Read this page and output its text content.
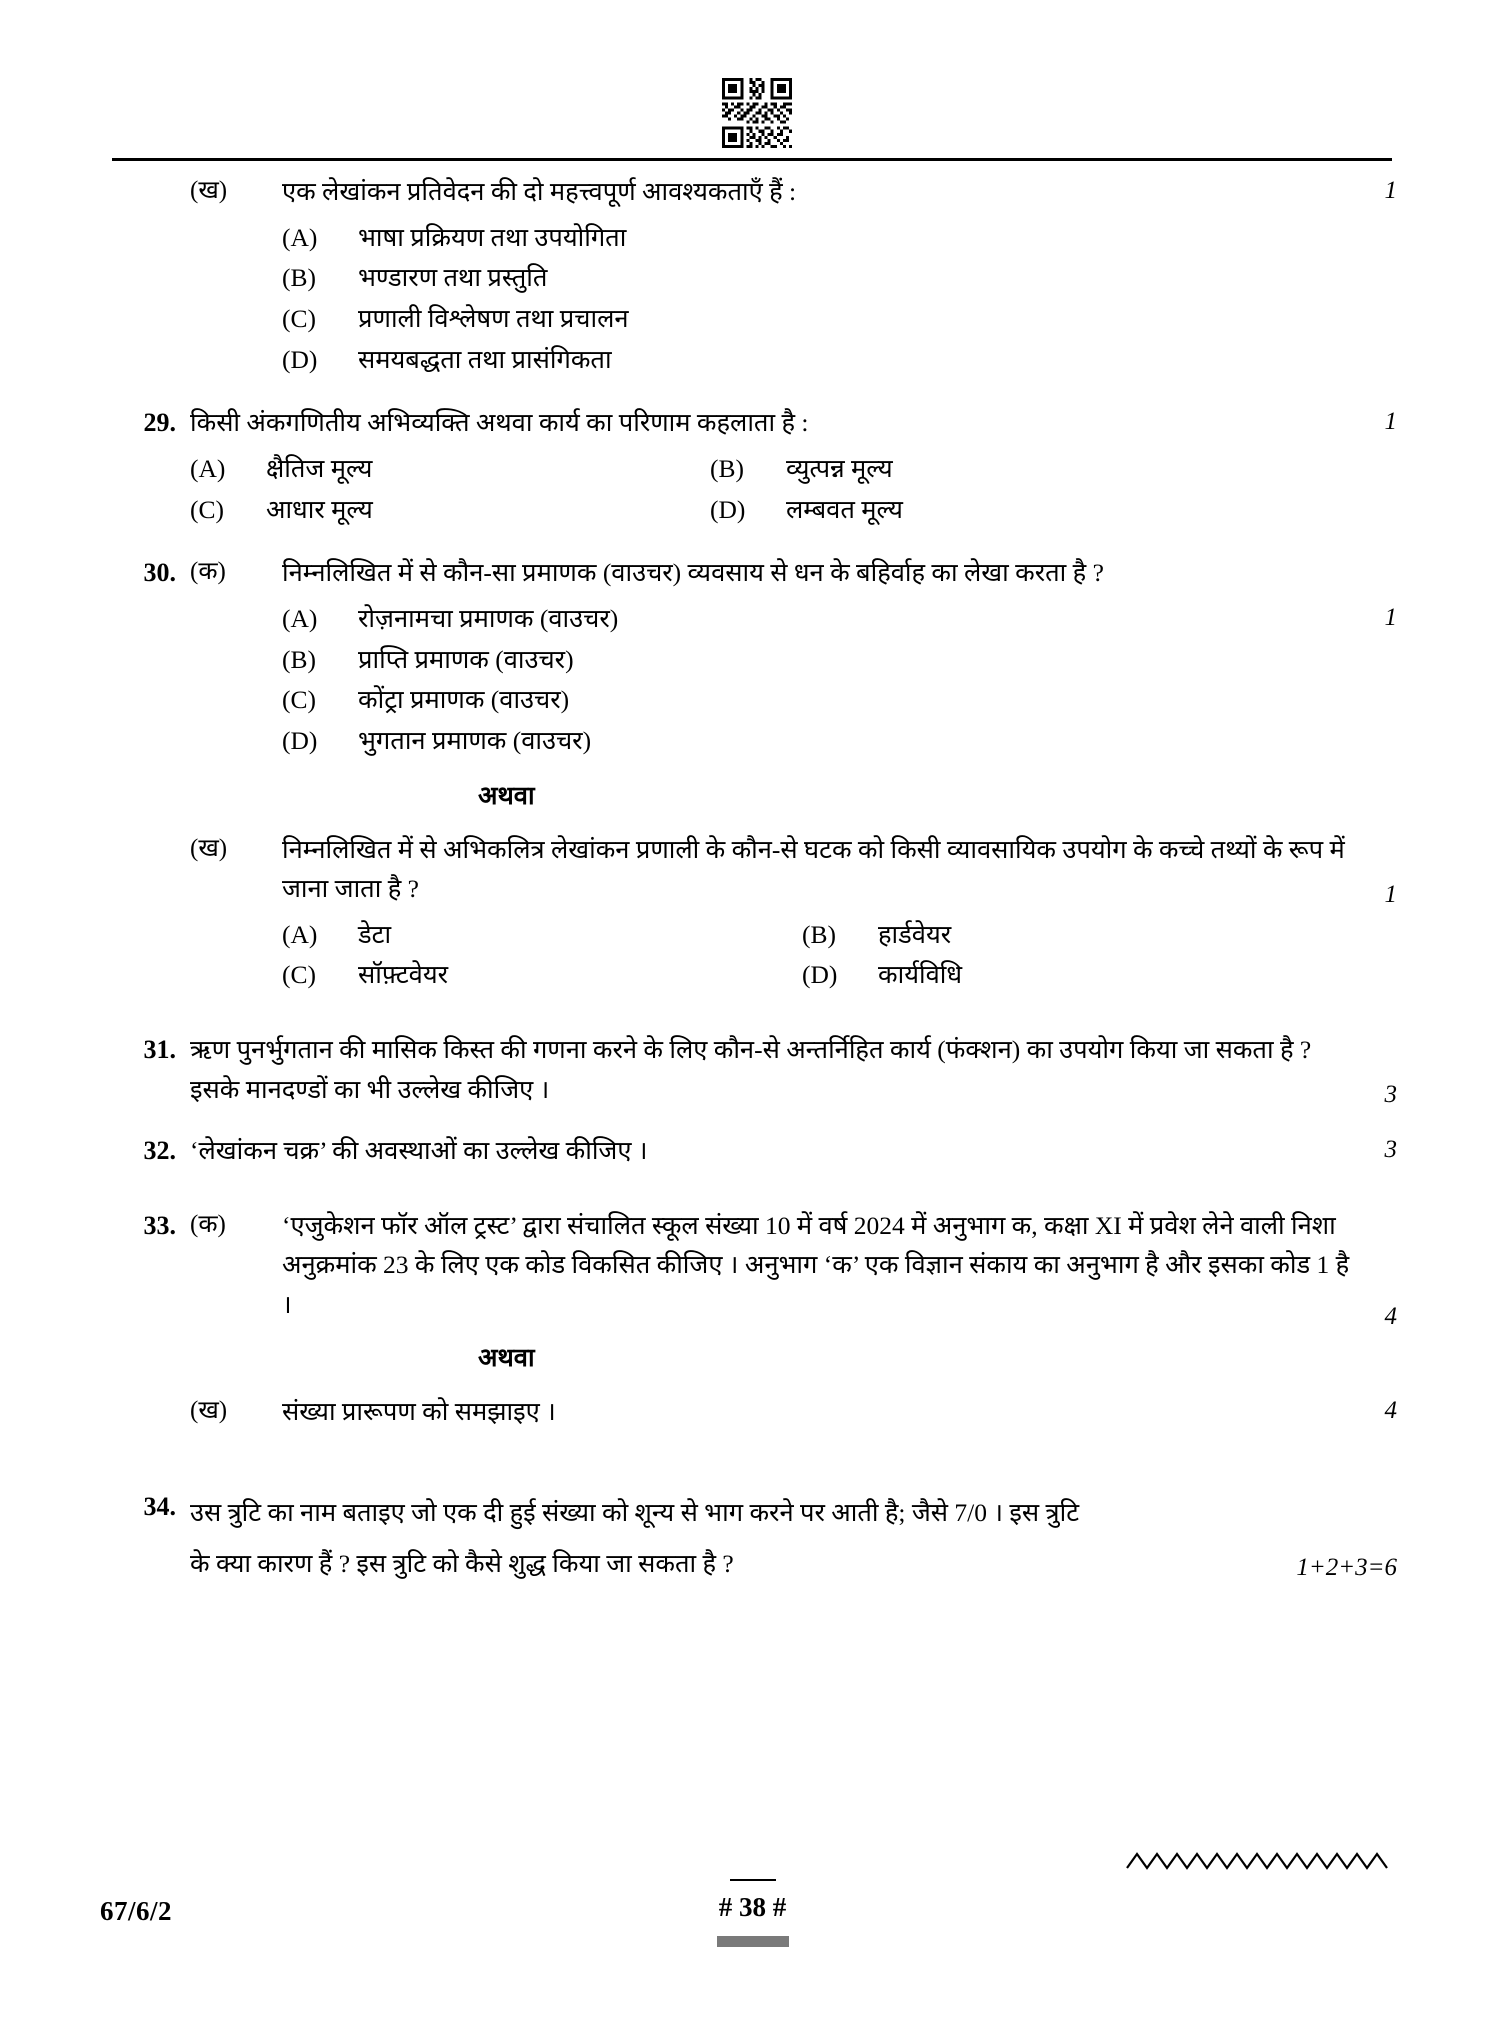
(ख)	एक लेखांकन प्रतिवेदन की दो महत्त्वपूर्ण आवश्यकताएँ हैं :	1
(A)	भाषा प्रक्रियण तथा उपयोगिता
(B)	भण्डारण तथा प्रस्तुति
(C)	प्रणाली विश्लेषण तथा प्रचालन
(D)	समयबद्धता तथा प्रासंगिकता
29. किसी अंकगणितीय अभिव्यक्ति अथवा कार्य का परिणाम कहलाता है :	1
(A)	क्षैतिज मूल्य	(B)	व्युत्पन्न मूल्य
(C)	आधार मूल्य	(D)	लम्बवत मूल्य
30. (क)	निम्नलिखित में से कौन-सा प्रमाणक (वाउचर) व्यवसाय से धन के बहिर्वाह का लेखा करता है ?
1
(A)	रोज़नामचा प्रमाणक (वाउचर)
(B)	प्राप्ति प्रमाणक (वाउचर)
(C)	कोंट्रा प्रमाणक (वाउचर)
(D)	भुगतान प्रमाणक (वाउचर)
अथवा
(ख)	निम्नलिखित में से अभिकलित्र लेखांकन प्रणाली के कौन-से घटक को किसी व्यावसायिक उपयोग के कच्चे तथ्यों के रूप में जाना जाता है ?	1
(A)	डेटा	(B)	हार्डवेयर
(C)	सॉफ़्टवेयर	(D)	कार्यविधि
31. ऋण पुनर्भुगतान की मासिक किस्त की गणना करने के लिए कौन-से अन्तर्निहित कार्य (फंक्शन) का उपयोग किया जा सकता है ? इसके मानदण्डों का भी उल्लेख कीजिए ।	3
32. ‘लेखांकन चक्र’ की अवस्थाओं का उल्लेख कीजिए ।	3
33. (क)	‘एजुकेशन फॉर ऑल ट्रस्ट’ द्वारा संचालित स्कूल संख्या 10 में वर्ष 2024 में अनुभाग क, कक्षा XI में प्रवेश लेने वाली निशा अनुक्रमांक 23 के लिए एक कोड विकसित कीजिए । अनुभाग ‘क’ एक विज्ञान संकाय का अनुभाग है और इसका कोड 1 है ।	4
अथवा
(ख)	संख्या प्रारूपण को समझाइए ।	4
34. उस त्रुटि का नाम बताइए जो एक दी हुई संख्या को शून्य से भाग करने पर आती है; जैसे 7/0 । इस त्रुटि
के क्या कारण हैं ? इस त्रुटि को कैसे शुद्ध किया जा सकता है ?	1+2+3=6
67/6/2	# 38 #
